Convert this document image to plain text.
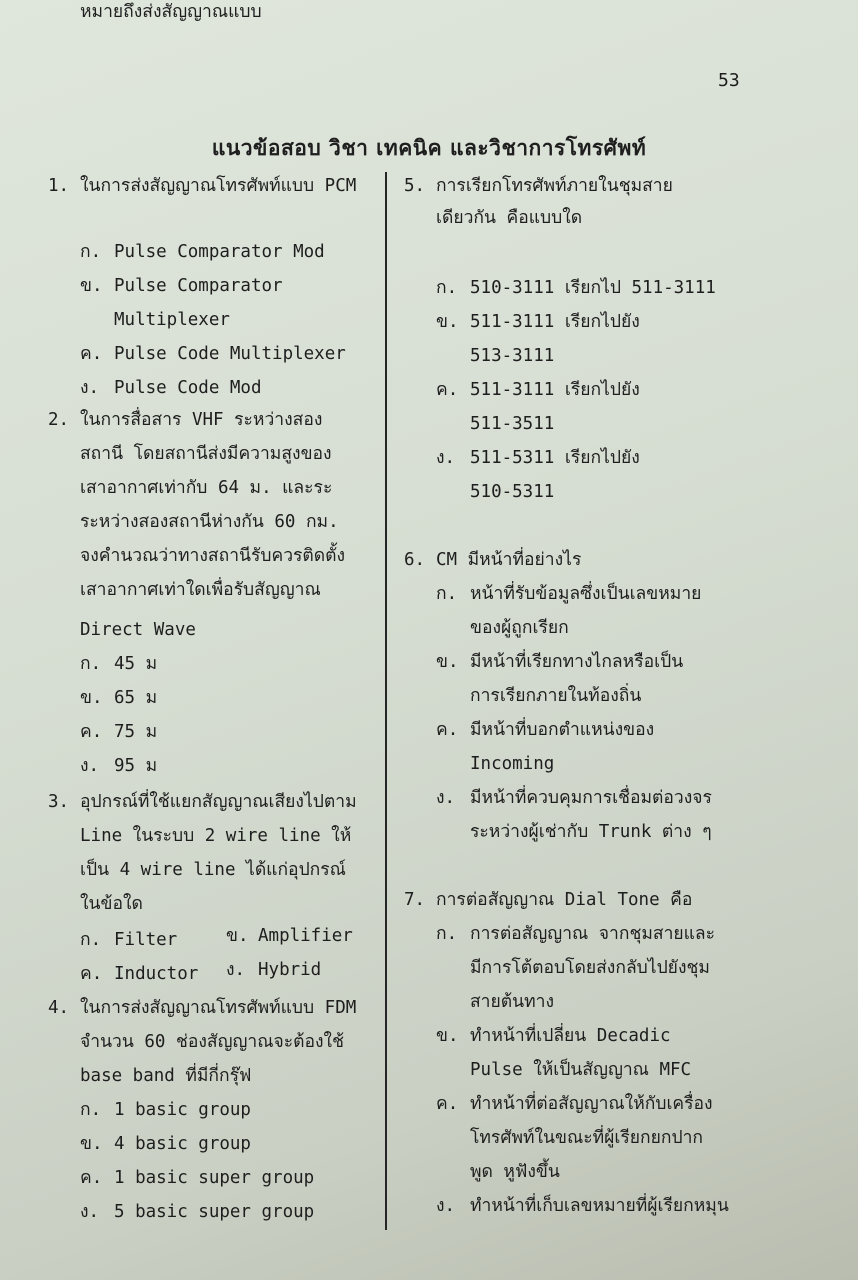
53
แนวข้อสอบ วิชา เทคนิค และวิชาการโทรศัพท์
1. ในการส่งสัญญาณโทรศัพท์แบบ PCM
หมายถึงส่งสัญญาณแบบ
ก. Pulse Comparator Mod
ข. Pulse Comparator
Multiplexer
ค. Pulse Code Multiplexer
ง. Pulse Code Mod
2. ในการสื่อสาร VHF ระหว่างสอง
สถานี โดยสถานีส่งมีความสูงของ
เสาอากาศเท่ากับ 64 ม. และระ
ระหว่างสองสถานีห่างกัน 60 กม.
จงคำนวณว่าทางสถานีรับควรติดตั้ง
เสาอากาศเท่าใดเพื่อรับสัญญาณ
Direct Wave
ก. 45 ม
ข. 65 ม
ค. 75 ม
ง. 95 ม
3. อุปกรณ์ที่ใช้แยกสัญญาณเสียงไปตาม
Line ในระบบ 2 wire line ให้
เป็น 4 wire line ได้แก่อุปกรณ์
ในข้อใด
ก. Filter	ข. Amplifier
ค. Inductor ง. Hybrid
4. ในการส่งสัญญาณโทรศัพท์แบบ FDM
จำนวน 60 ช่องสัญญาณจะต้องใช้
base band ที่มีกี่กรุ๊ฟ
ก. 1 basic group
ข. 4 basic group
ค. 1 basic super group
ง. 5 basic super group
5. การเรียกโทรศัพท์ภายในชุมสาย
เดียวกัน คือแบบใด
ก. 510-3111 เรียกไป 511-3111
ข. 511-3111 เรียกไปยัง
513-3111
ค. 511-3111 เรียกไปยัง
511-3511
ง. 511-5311 เรียกไปยัง
510-5311
6. CM มีหน้าที่อย่างไร
ก. หน้าที่รับข้อมูลซึ่งเป็นเลขหมาย
ของผู้ถูกเรียก
ข. มีหน้าที่เรียกทางไกลหรือเป็น
การเรียกภายในท้องถิ่น
ค. มีหน้าที่บอกตำแหน่งของ
Incoming
ง. มีหน้าที่ควบคุมการเชื่อมต่อวงจร
ระหว่างผู้เช่ากับ Trunk ต่าง ๆ
7. การต่อสัญญาณ Dial Tone คือ
ก. การต่อสัญญาณ จากชุมสายและ
มีการโต้ตอบโดยส่งกลับไปยังชุม
สายต้นทาง
ข. ทำหน้าที่เปลี่ยน Decadic
Pulse ให้เป็นสัญญาณ MFC
ค. ทำหน้าที่ต่อสัญญาณให้กับเครื่อง
โทรศัพท์ในขณะที่ผู้เรียกยกปาก
พูด หูฟังขึ้น
ง. ทำหน้าที่เก็บเลขหมายที่ผู้เรียกหมุน
